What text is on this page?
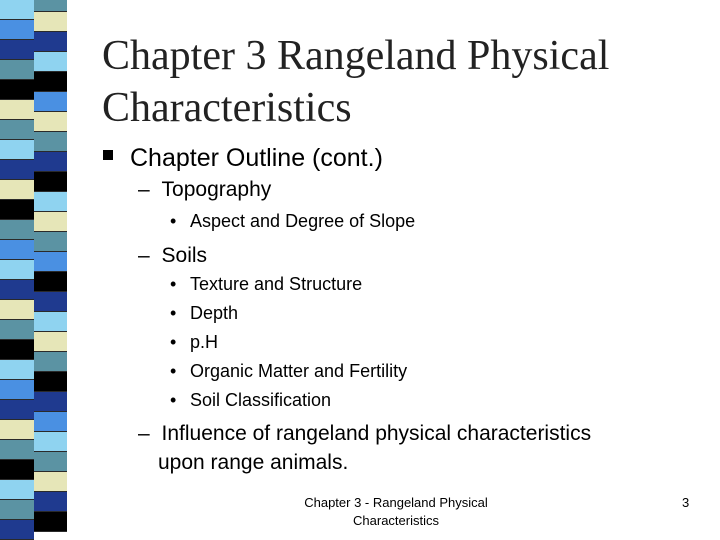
Chapter 3 Rangeland Physical
Characteristics
Chapter Outline (cont.)
– Topography
• Aspect and Degree of Slope
– Soils
• Texture and Structure
• Depth
• p.H
• Organic Matter and Fertility
• Soil Classification
– Influence of rangeland physical characteristics
upon range animals.
Chapter 3 - Rangeland Physical
Characteristics
3
